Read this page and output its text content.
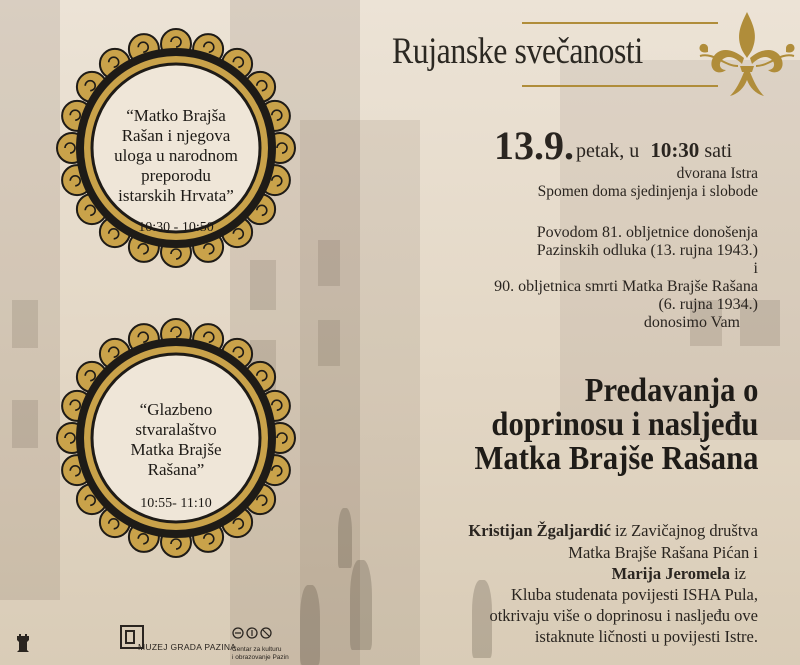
Rujanske svečanosti
“Matko Brajša
Rašan i njegova
uloga u narodnom
preporodu
istarskih Hrvata”
10:30 - 10:50
“Glazbeno
stvaralaštvo
Matka Brajše
Rašana”
10:55- 11:10
13.9. petak, u 10:30 sati
dvorana Istra
Spomen doma sjedinjenja i slobode
Povodom 81. obljetnice donošenja
Pazinskih odluka (13. rujna 1943.)
i
90. obljetnica smrti Matka Brajše Rašana
(6. rujna 1934.)
donosimo Vam
Predavanja o
doprinosu i nasljeđu
Matka Brajše Rašana
Kristijan Žgaljardić iz Zavičajnog društva
Matka Brajše Rašana Pićan i
Marija Jeromela iz
Kluba studenata povijesti ISHA Pula,
otkrivaju više o doprinosu i nasljeđu ove
istaknute ličnosti u povijesti Istre.
MUZEJ GRADA PAZINA
Centar za kulturu
i obrazovanje Pazin
